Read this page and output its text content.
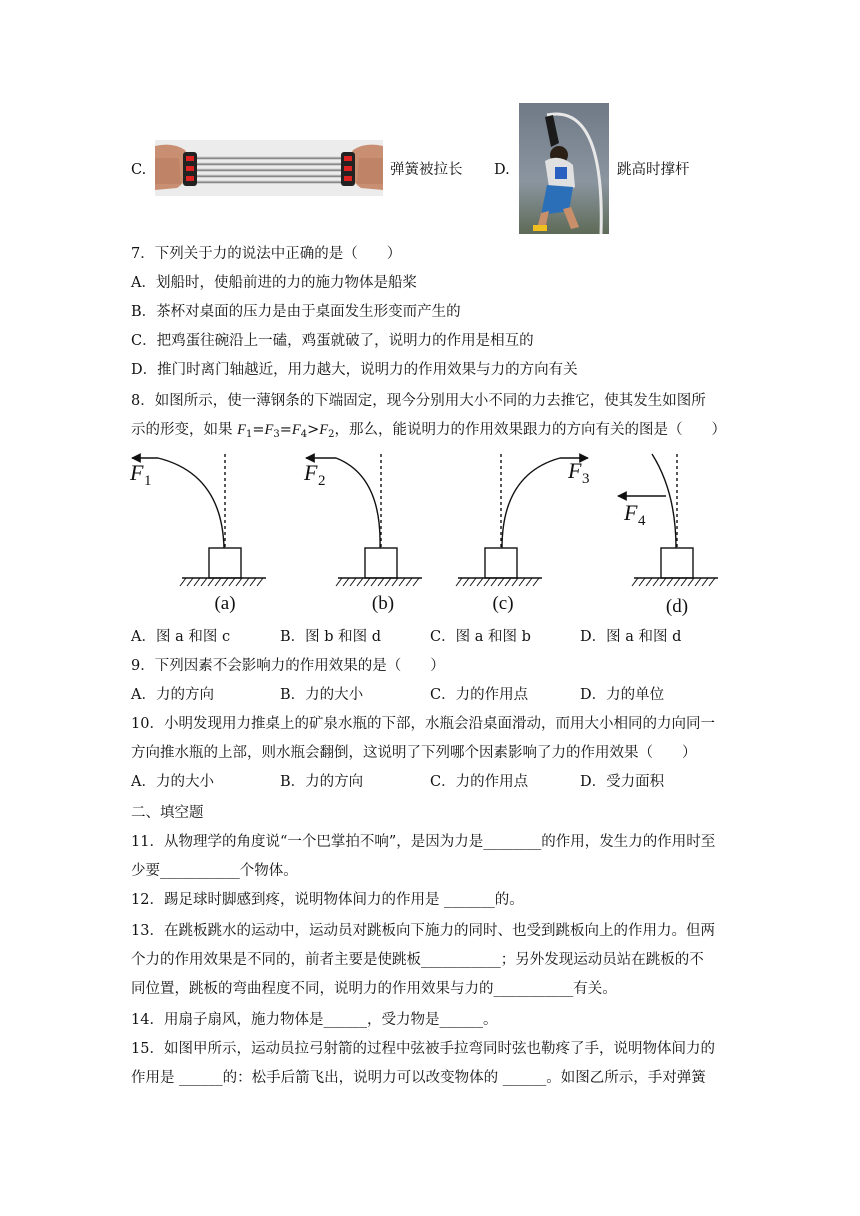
C.	弹簧被拉长 D.	跳高时撑杆
7．下列关于力的说法中正确的是（　　）
A．划船时，使船前进的力的施力物体是船桨
B．茶杯对桌面的压力是由于桌面发生形变而产生的
C．把鸡蛋往碗沿上一磕，鸡蛋就破了，说明力的作用是相互的
D．推门时离门轴越近，用力越大，说明力的作用效果与力的方向有关
8．如图所示，使一薄钢条的下端固定，现今分别用大小不同的力去推它，使其发生如图所
示的形变，如果 $F_1=F_3=F_4>F_2$，那么，能说明力的作用效果跟力的方向有关的图是（　　）
F	F	F
F
1	2	3
4
(a)	(b)	(c)	(d)
A．图 a 和图 c	B．图 b 和图 d	C．图 a 和图 b	D．图 a 和图 d
9．下列因素不会影响力的作用效果的是（　　）
A．力的方向	B．力的大小	C．力的作用点	D．力的单位
10．小明发现用力推桌上的矿泉水瓶的下部，水瓶会沿桌面滑动，而用大小相同的力向同一
方向推水瓶的上部，则水瓶会翻倒，这说明了下列哪个因素影响了力的作用效果（　　）
A．力的大小	B．力的方向	C．力的作用点	D．受力面积
二、填空题
11．从物理学的角度说“一个巴掌拍不响”，是因为力是________的作用，发生力的作用时至
少要___________个物体。
12．踢足球时脚感到疼，说明物体间力的作用是 _______的。
13．在跳板跳水的运动中，运动员对跳板向下施力的同时、也受到跳板向上的作用力。但两
个力的作用效果是不同的，前者主要是使跳板___________；另外发现运动员站在跳板的不
同位置，跳板的弯曲程度不同，说明力的作用效果与力的___________有关。
14．用扇子扇风，施力物体是______，受力物是______。
15．如图甲所示，运动员拉弓射箭的过程中弦被手拉弯同时弦也勒疼了手，说明物体间力的
作用是 ______的：松手后箭飞出，说明力可以改变物体的 ______。如图乙所示，手对弹簧
